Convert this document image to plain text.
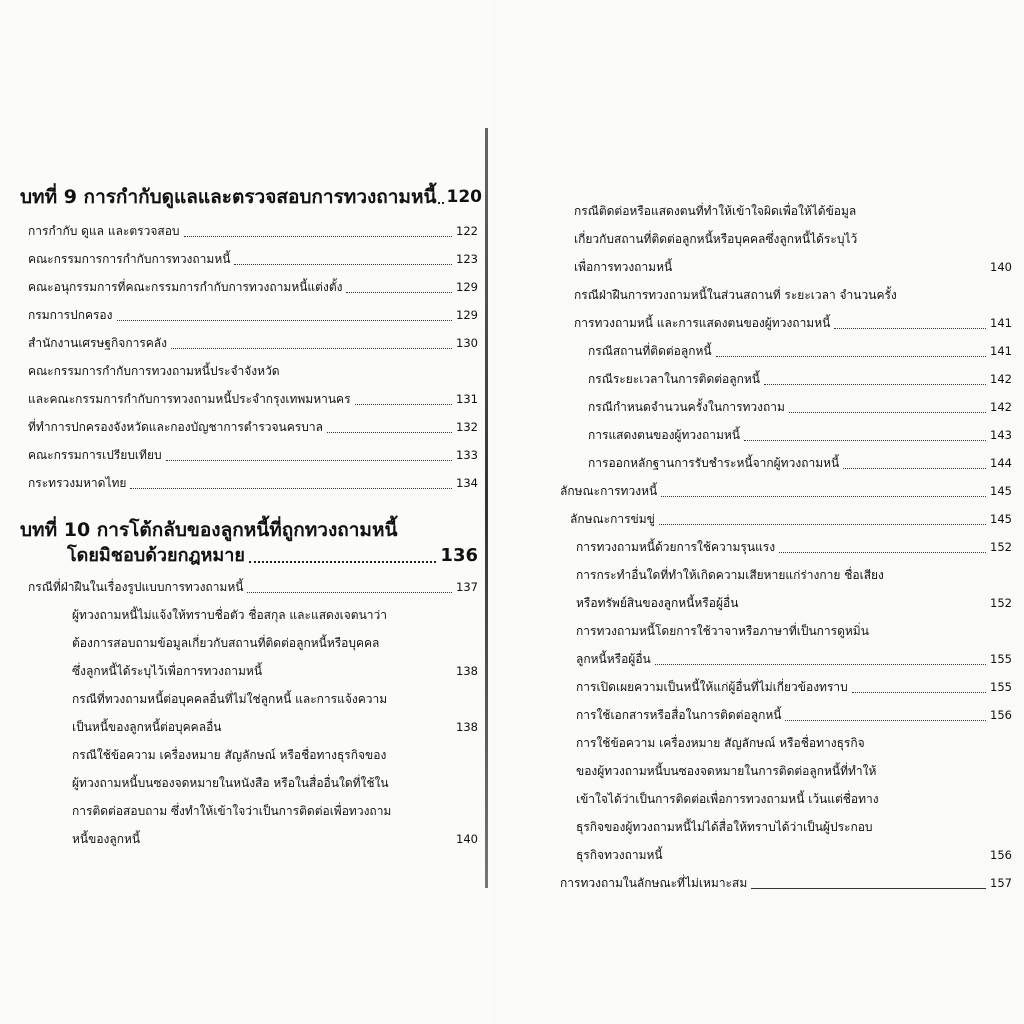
บทที่ 9 การกำกับดูแลและตรวจสอบการทวงถามหนี้ 120
การกำกับ ดูแล และตรวจสอบ	122
คณะกรรมการการกำกับการทวงถามหนี้	123
คณะอนุกรรมการที่คณะกรรมการกำกับการทวงถามหนี้แต่งตั้ง	129
กรมการปกครอง	129
สำนักงานเศรษฐกิจการคลัง	130
คณะกรรมการกำกับการทวงถามหนี้ประจำจังหวัด
และคณะกรรมการกำกับการทวงถามหนี้ประจำกรุงเทพมหานคร	131
ที่ทำการปกครองจังหวัดและกองบัญชาการตำรวจนครบาล	132
คณะกรรมการเปรียบเทียบ	133
กระทรวงมหาดไทย	134
บทที่ 10 การโต้กลับของลูกหนี้ที่ถูกทวงถามหนี้
โดยมิชอบด้วยกฎหมาย	136
กรณีที่ฝ่าฝืนในเรื่องรูปแบบการทวงถามหนี้	137
ผู้ทวงถามหนี้ไม่แจ้งให้ทราบชื่อตัว ชื่อสกุล และแสดงเจตนาว่า
ต้องการสอบถามข้อมูลเกี่ยวกับสถานที่ติดต่อลูกหนี้หรือบุคคล
ซึ่งลูกหนี้ได้ระบุไว้เพื่อการทวงถามหนี้	138
กรณีที่ทวงถามหนี้ต่อบุคคลอื่นที่ไม่ใช่ลูกหนี้ และการแจ้งความ
เป็นหนี้ของลูกหนี้ต่อบุคคลอื่น	138
กรณีใช้ข้อความ เครื่องหมาย สัญลักษณ์ หรือชื่อทางธุรกิจของ
ผู้ทวงถามหนี้บนซองจดหมายในหนังสือ หรือในสื่ออื่นใดที่ใช้ใน
การติดต่อสอบถาม ซึ่งทำให้เข้าใจว่าเป็นการติดต่อเพื่อทวงถาม
หนี้ของลูกหนี้	140
กรณีติดต่อหรือแสดงตนที่ทำให้เข้าใจผิดเพื่อให้ได้ข้อมูล
เกี่ยวกับสถานที่ติดต่อลูกหนี้หรือบุคคลซึ่งลูกหนี้ได้ระบุไว้
เพื่อการทวงถามหนี้	140
กรณีฝ่าฝืนการทวงถามหนี้ในส่วนสถานที่ ระยะเวลา จำนวนครั้ง
การทวงถามหนี้ และการแสดงตนของผู้ทวงถามหนี้	141
กรณีสถานที่ติดต่อลูกหนี้	141
กรณีระยะเวลาในการติดต่อลูกหนี้	142
กรณีกำหนดจำนวนครั้งในการทวงถาม	142
การแสดงตนของผู้ทวงถามหนี้	143
การออกหลักฐานการรับชำระหนี้จากผู้ทวงถามหนี้	144
ลักษณะการทวงหนี้	145
ลักษณะการข่มขู่	145
การทวงถามหนี้ด้วยการใช้ความรุนแรง	152
การกระทำอื่นใดที่ทำให้เกิดความเสียหายแก่ร่างกาย ชื่อเสียง
หรือทรัพย์สินของลูกหนี้หรือผู้อื่น	152
การทวงถามหนี้โดยการใช้วาจาหรือภาษาที่เป็นการดูหมิ่น
ลูกหนี้หรือผู้อื่น	155
การเปิดเผยความเป็นหนี้ให้แก่ผู้อื่นที่ไม่เกี่ยวข้องทราบ	155
การใช้เอกสารหรือสื่อในการติดต่อลูกหนี้	156
การใช้ข้อความ เครื่องหมาย สัญลักษณ์ หรือชื่อทางธุรกิจ
ของผู้ทวงถามหนี้บนซองจดหมายในการติดต่อลูกหนี้ที่ทำให้
เข้าใจได้ว่าเป็นการติดต่อเพื่อการทวงถามหนี้ เว้นแต่ชื่อทาง
ธุรกิจของผู้ทวงถามหนี้ไม่ได้สื่อให้ทราบได้ว่าเป็นผู้ประกอบ
ธุรกิจทวงถามหนี้	156
การทวงถามในลักษณะที่ไม่เหมาะสม	157
